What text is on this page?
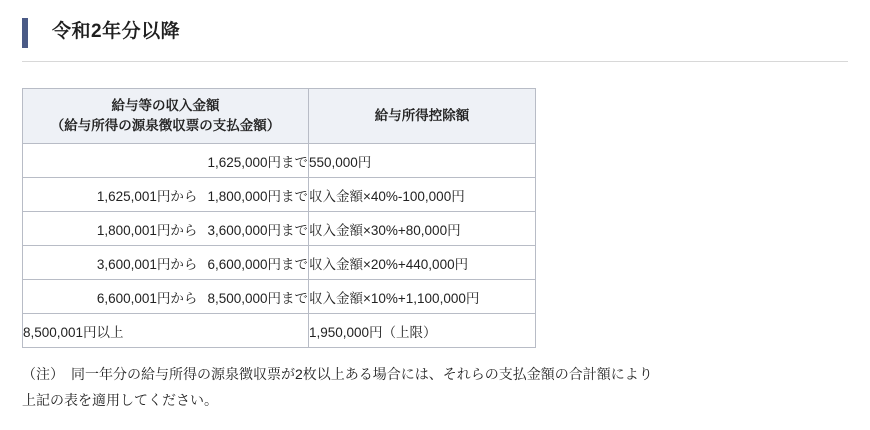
令和2年分以降
給与等の収入金額
（給与所得の源泉徴収票の支払金額）	給与所得控除額

1,625,000円まで	550,000円

1,625,001円から 1,800,000円まで	収入金額×40%-100,000円

1,800,001円から 3,600,000円まで	収入金額×30%+80,000円

3,600,001円から 6,600,000円まで	収入金額×20%+440,000円

6,600,001円から 8,500,000円まで	収入金額×10%+1,100,000円

8,500,001円以上	1,950,000円（上限）
（注）　同一年分の給与所得の源泉徴収票が2枚以上ある場合には、それらの支払金額の合計額により
上記の表を適用してください。
